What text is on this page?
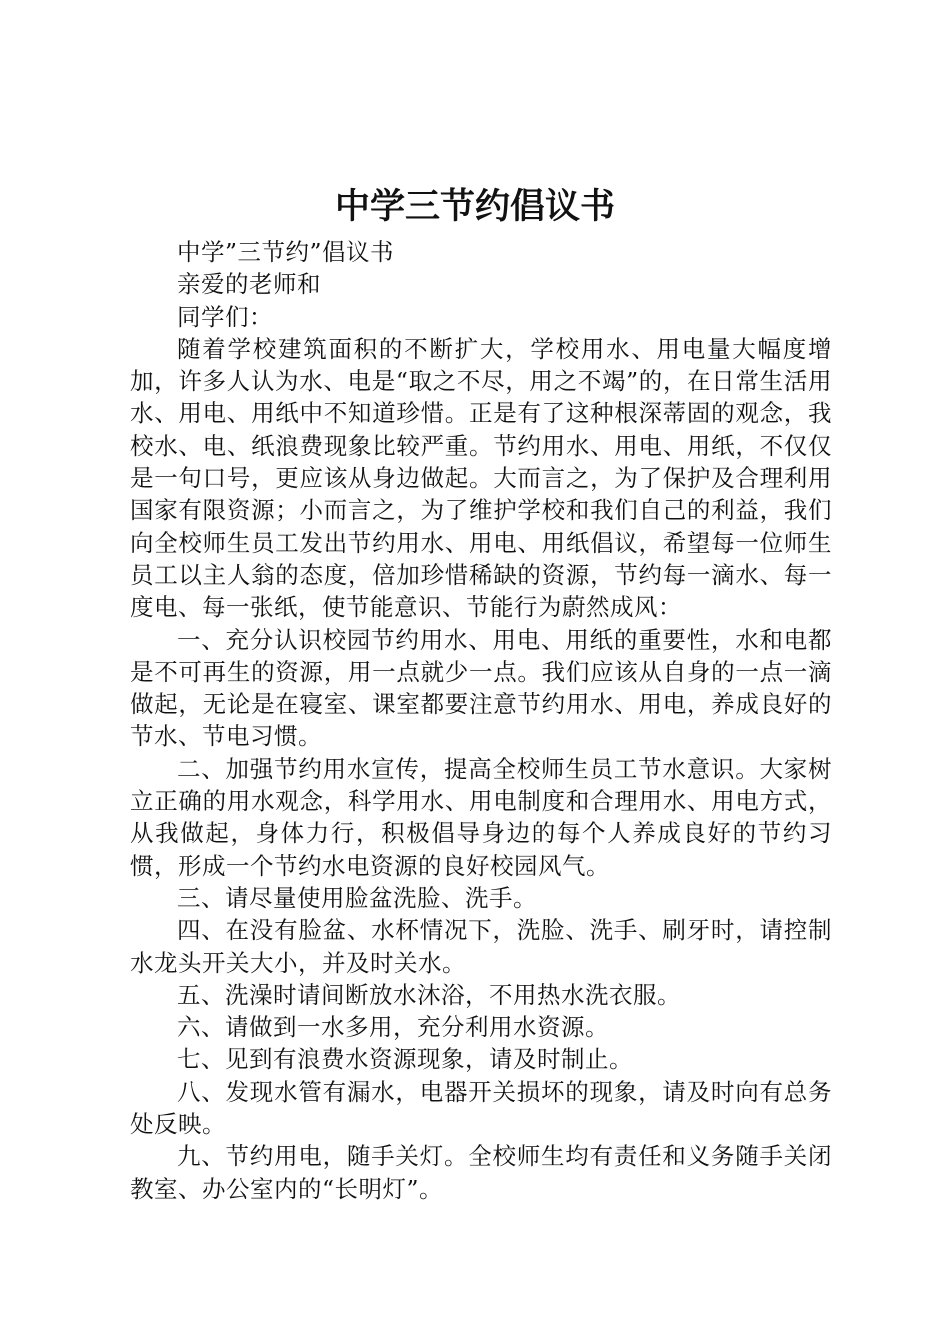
中学三节约倡议书

中学”三节约”倡议书

亲爱的老师和

同学们：

随着学校建筑面积的不断扩大，学校用水、用电量大幅度增加，许多人认为水、电是“取之不尽，用之不竭”的，在日常生活用水、用电、用纸中不知道珍惜。正是有了这种根深蒂固的观念，我校水、电、纸浪费现象比较严重。节约用水、用电、用纸，不仅仅是一句口号，更应该从身边做起。大而言之，为了保护及合理利用国家有限资源；小而言之，为了维护学校和我们自己的利益，我们向全校师生员工发出节约用水、用电、用纸倡议，希望每一位师生员工以主人翁的态度，倍加珍惜稀缺的资源，节约每一滴水、每一度电、每一张纸，使节能意识、节能行为蔚然成风：

一、充分认识校园节约用水、用电、用纸的重要性，水和电都是不可再生的资源，用一点就少一点。我们应该从自身的一点一滴做起，无论是在寝室、课室都要注意节约用水、用电，养成良好的节水、节电习惯。

二、加强节约用水宣传，提高全校师生员工节水意识。大家树立正确的用水观念，科学用水、用电制度和合理用水、用电方式，从我做起，身体力行，积极倡导身边的每个人养成良好的节约习惯，形成一个节约水电资源的良好校园风气。

三、请尽量使用脸盆洗脸、洗手。

四、在没有脸盆、水杯情况下，洗脸、洗手、刷牙时，请控制水龙头开关大小，并及时关水。

五、洗澡时请间断放水沐浴，不用热水洗衣服。

六、请做到一水多用，充分利用水资源。

七、见到有浪费水资源现象，请及时制止。

八、发现水管有漏水，电器开关损坏的现象，请及时向有总务处反映。

九、节约用电，随手关灯。全校师生均有责任和义务随手关闭教室、办公室内的“长明灯”。
